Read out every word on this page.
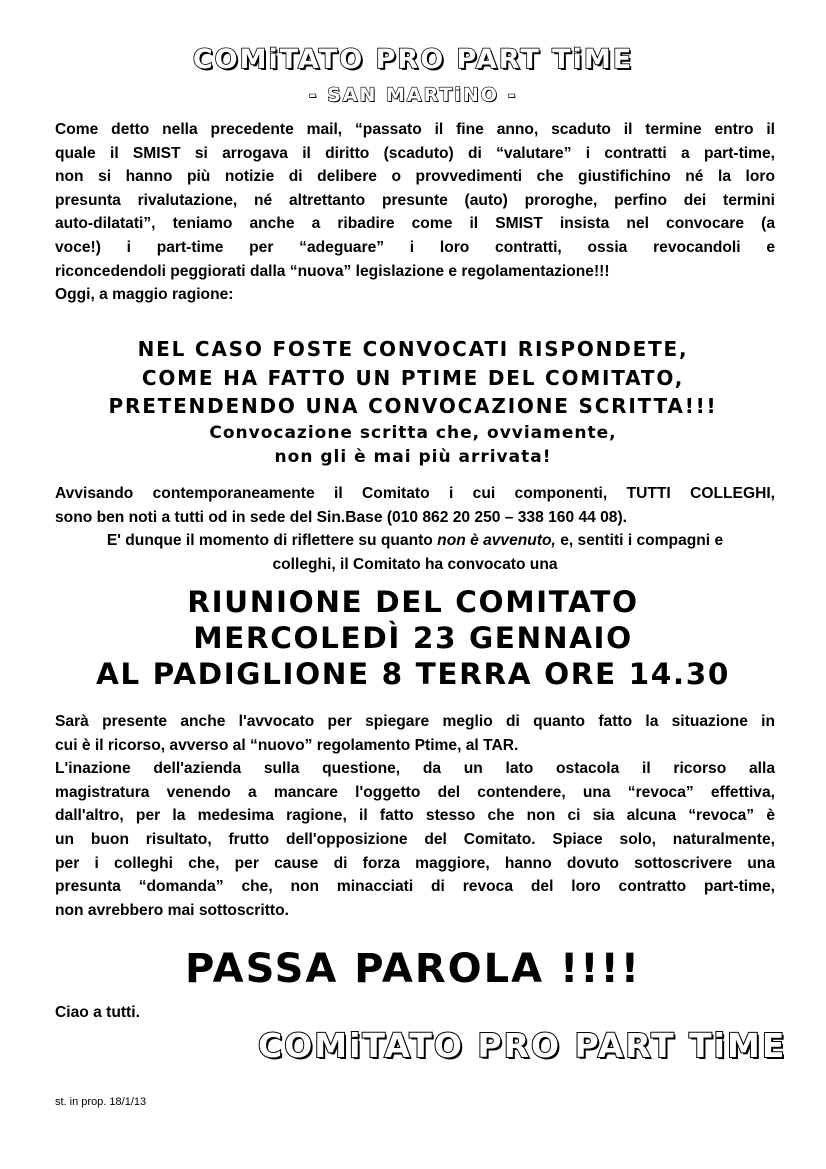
COMiTATO PRO PART TiME
- SAN MARTiNO -
Come detto nella precedente mail, “passato il fine anno, scaduto il termine entro il
quale il SMIST si arrogava il diritto (scaduto) di “valutare” i contratti a part-time,
non si hanno più notizie di delibere o provvedimenti che giustifichino né la loro
presunta rivalutazione, né altrettanto presunte (auto) proroghe, perfino dei termini
auto-dilatati”, teniamo anche a ribadire come il SMIST insista nel convocare (a
voce!) i part-time per “adeguare” i loro contratti, ossia revocandoli e
riconcedendoli peggiorati dalla “nuova” legislazione e regolamentazione!!!
Oggi, a maggio ragione:
NEL CASO FOSTE CONVOCATI RISPONDETE,
COME HA FATTO UN PTIME DEL COMITATO,
PRETENDENDO UNA CONVOCAZIONE SCRITTA!!!
Convocazione scritta che, ovviamente,
non gli è mai più arrivata!
Avvisando contemporaneamente il Comitato i cui componenti, TUTTI COLLEGHI,
sono ben noti a tutti od in sede del Sin.Base (010 862 20 250 – 338 160 44 08).
E' dunque il momento di riflettere su quanto non è avvenuto, e, sentiti i compagni e
colleghi, il Comitato ha convocato una
RIUNIONE DEL COMITATO
MERCOLEDÌ 23 GENNAIO
AL PADIGLIONE 8 TERRA ORE 14.30
Sarà presente anche l'avvocato per spiegare meglio di quanto fatto la situazione in
cui è il ricorso, avverso al “nuovo” regolamento Ptime, al TAR.
L'inazione dell'azienda sulla questione, da un lato ostacola il ricorso alla
magistratura venendo a mancare l'oggetto del contendere, una “revoca” effettiva,
dall'altro, per la medesima ragione, il fatto stesso che non ci sia alcuna “revoca” è
un buon risultato, frutto dell'opposizione del Comitato. Spiace solo, naturalmente,
per i colleghi che, per cause di forza maggiore, hanno dovuto sottoscrivere una
presunta “domanda” che, non minacciati di revoca del loro contratto part-time,
non avrebbero mai sottoscritto.
PASSA PAROLA !!!!
Ciao a tutti.
COMiTATO PRO PART TiME
st. in prop. 18/1/13
